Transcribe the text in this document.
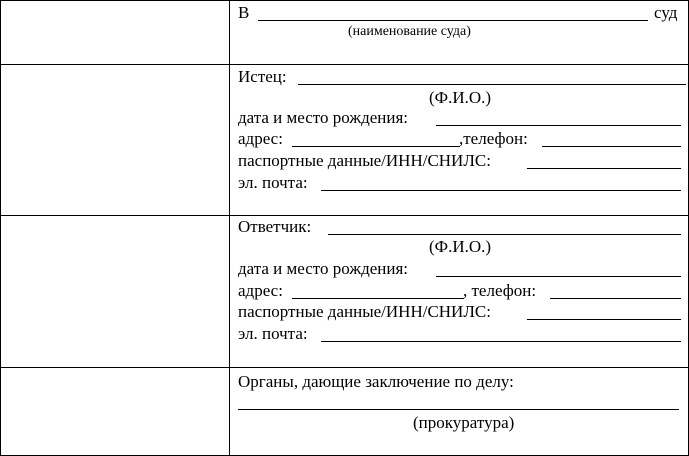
В	суд
(наименование суда)
Истец:
(Ф.И.О.)
дата и место рождения:
адрес:	,телефон:
паспортные данные/ИНН/СНИЛС:
эл. почта:
Ответчик:
(Ф.И.О.)
дата и место рождения:
адрес:	, телефон:
паспортные данные/ИНН/СНИЛС:
эл. почта:
Органы, дающие заключение по делу:
(прокуратура)
